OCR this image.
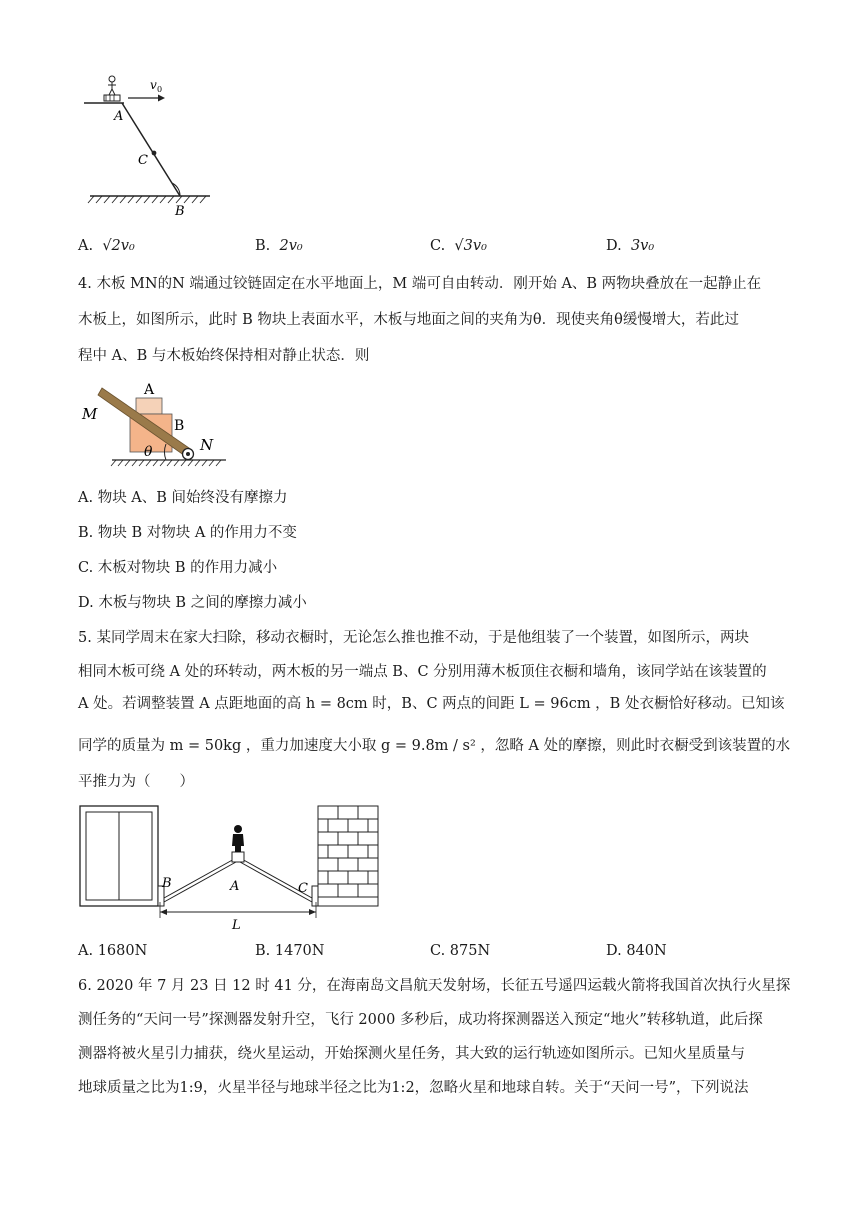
v 0
A
C
B
A. √2v₀	B. 2v₀	C. √3v₀	D. 3v₀
4. 木板 MN的N 端通过铰链固定在水平地面上，M 端可自由转动．刚开始 A、B 两物块叠放在一起静止在
木板上，如图所示，此时 B 物块上表面水平，木板与地面之间的夹角为θ．现使夹角θ缓慢增大，若此过
程中 A、B 与木板始终保持相对静止状态．则
A
B
M
N
θ
A. 物块 A、B 间始终没有摩擦力
B. 物块 B 对物块 A 的作用力不变
C. 木板对物块 B 的作用力减小
D. 木板与物块 B 之间的摩擦力减小
5. 某同学周末在家大扫除，移动衣橱时，无论怎么推也推不动，于是他组装了一个装置，如图所示，两块
相同木板可绕 A 处的环转动，两木板的另一端点 B、C 分别用薄木板顶住衣橱和墙角，该同学站在该装置的
A 处。若调整装置 A 点距地面的高 h = 8cm 时，B、C 两点的间距 L = 96cm ，B 处衣橱恰好移动。已知该
同学的质量为 m = 50kg ，重力加速度大小取 g = 9.8m / s² ，忽略 A 处的摩擦，则此时衣橱受到该装置的水
平推力为（　　）
B	A	C
L
A. 1680N	B. 1470N	C. 875N	D. 840N
6. 2020 年 7 月 23 日 12 时 41 分，在海南岛文昌航天发射场，长征五号遥四运载火箭将我国首次执行火星探
测任务的“天问一号”探测器发射升空，飞行 2000 多秒后，成功将探测器送入预定“地火”转移轨道，此后探
测器将被火星引力捕获，绕火星运动，开始探测火星任务，其大致的运行轨迹如图所示。已知火星质量与
地球质量之比为1:9，火星半径与地球半径之比为1:2，忽略火星和地球自转。关于“天问一号”，下列说法
